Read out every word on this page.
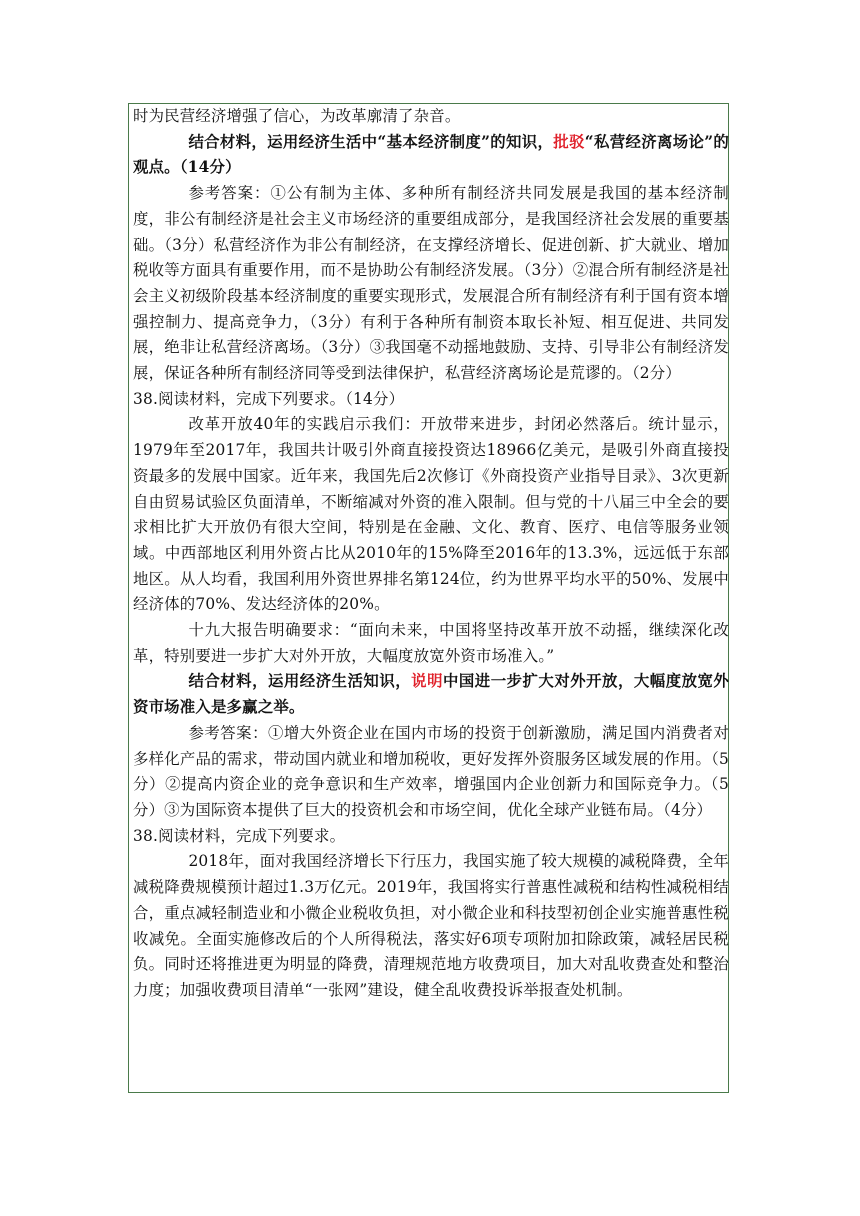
时为民营经济增强了信心，为改革廓清了杂音。

结合材料，运用经济生活中“基本经济制度”的知识，批驳“私营经济离场论”的观点。（14分）

参考答案：①公有制为主体、多种所有制经济共同发展是我国的基本经济制度，非公有制经济是社会主义市场经济的重要组成部分，是我国经济社会发展的重要基础。（3分）私营经济作为非公有制经济，在支撑经济增长、促进创新、扩大就业、增加税收等方面具有重要作用，而不是协助公有制经济发展。（3分）②混合所有制经济是社会主义初级阶段基本经济制度的重要实现形式，发展混合所有制经济有利于国有资本增强控制力、提高竞争力，（3分）有利于各种所有制资本取长补短、相互促进、共同发展，绝非让私营经济离场。（3分）③我国毫不动摇地鼓励、支持、引导非公有制经济发展，保证各种所有制经济同等受到法律保护，私营经济离场论是荒谬的。（2分）

38.阅读材料，完成下列要求。（14分）

改革开放40年的实践启示我们：开放带来进步，封闭必然落后。统计显示，1979年至2017年，我国共计吸引外商直接投资达18966亿美元，是吸引外商直接投资最多的发展中国家。近年来，我国先后2次修订《外商投资产业指导目录》、3次更新自由贸易试验区负面清单，不断缩减对外资的准入限制。但与党的十八届三中全会的要求相比扩大开放仍有很大空间，特别是在金融、文化、教育、医疗、电信等服务业领域。中西部地区利用外资占比从2010年的15%降至2016年的13.3%，远远低于东部地区。从人均看，我国利用外资世界排名第124位，约为世界平均水平的50%、发展中经济体的70%、发达经济体的20%。

十九大报告明确要求：“面向未来，中国将坚持改革开放不动摇，继续深化改革，特别要进一步扩大对外开放，大幅度放宽外资市场准入。”

结合材料，运用经济生活知识，说明中国进一步扩大对外开放，大幅度放宽外资市场准入是多赢之举。

参考答案：①增大外资企业在国内市场的投资于创新激励，满足国内消费者对多样化产品的需求，带动国内就业和增加税收，更好发挥外资服务区域发展的作用。（5分）②提高内资企业的竞争意识和生产效率，增强国内企业创新力和国际竞争力。（5分）③为国际资本提供了巨大的投资机会和市场空间，优化全球产业链布局。（4分）

38.阅读材料，完成下列要求。

2018年，面对我国经济增长下行压力，我国实施了较大规模的减税降费，全年减税降费规模预计超过1.3万亿元。2019年，我国将实行普惠性减税和结构性减税相结合，重点减轻制造业和小微企业税收负担，对小微企业和科技型初创企业实施普惠性税收减免。全面实施修改后的个人所得税法，落实好6项专项附加扣除政策，减轻居民税负。同时还将推进更为明显的降费，清理规范地方收费项目，加大对乱收费查处和整治力度；加强收费项目清单“一张网”建设，健全乱收费投诉举报查处机制。
